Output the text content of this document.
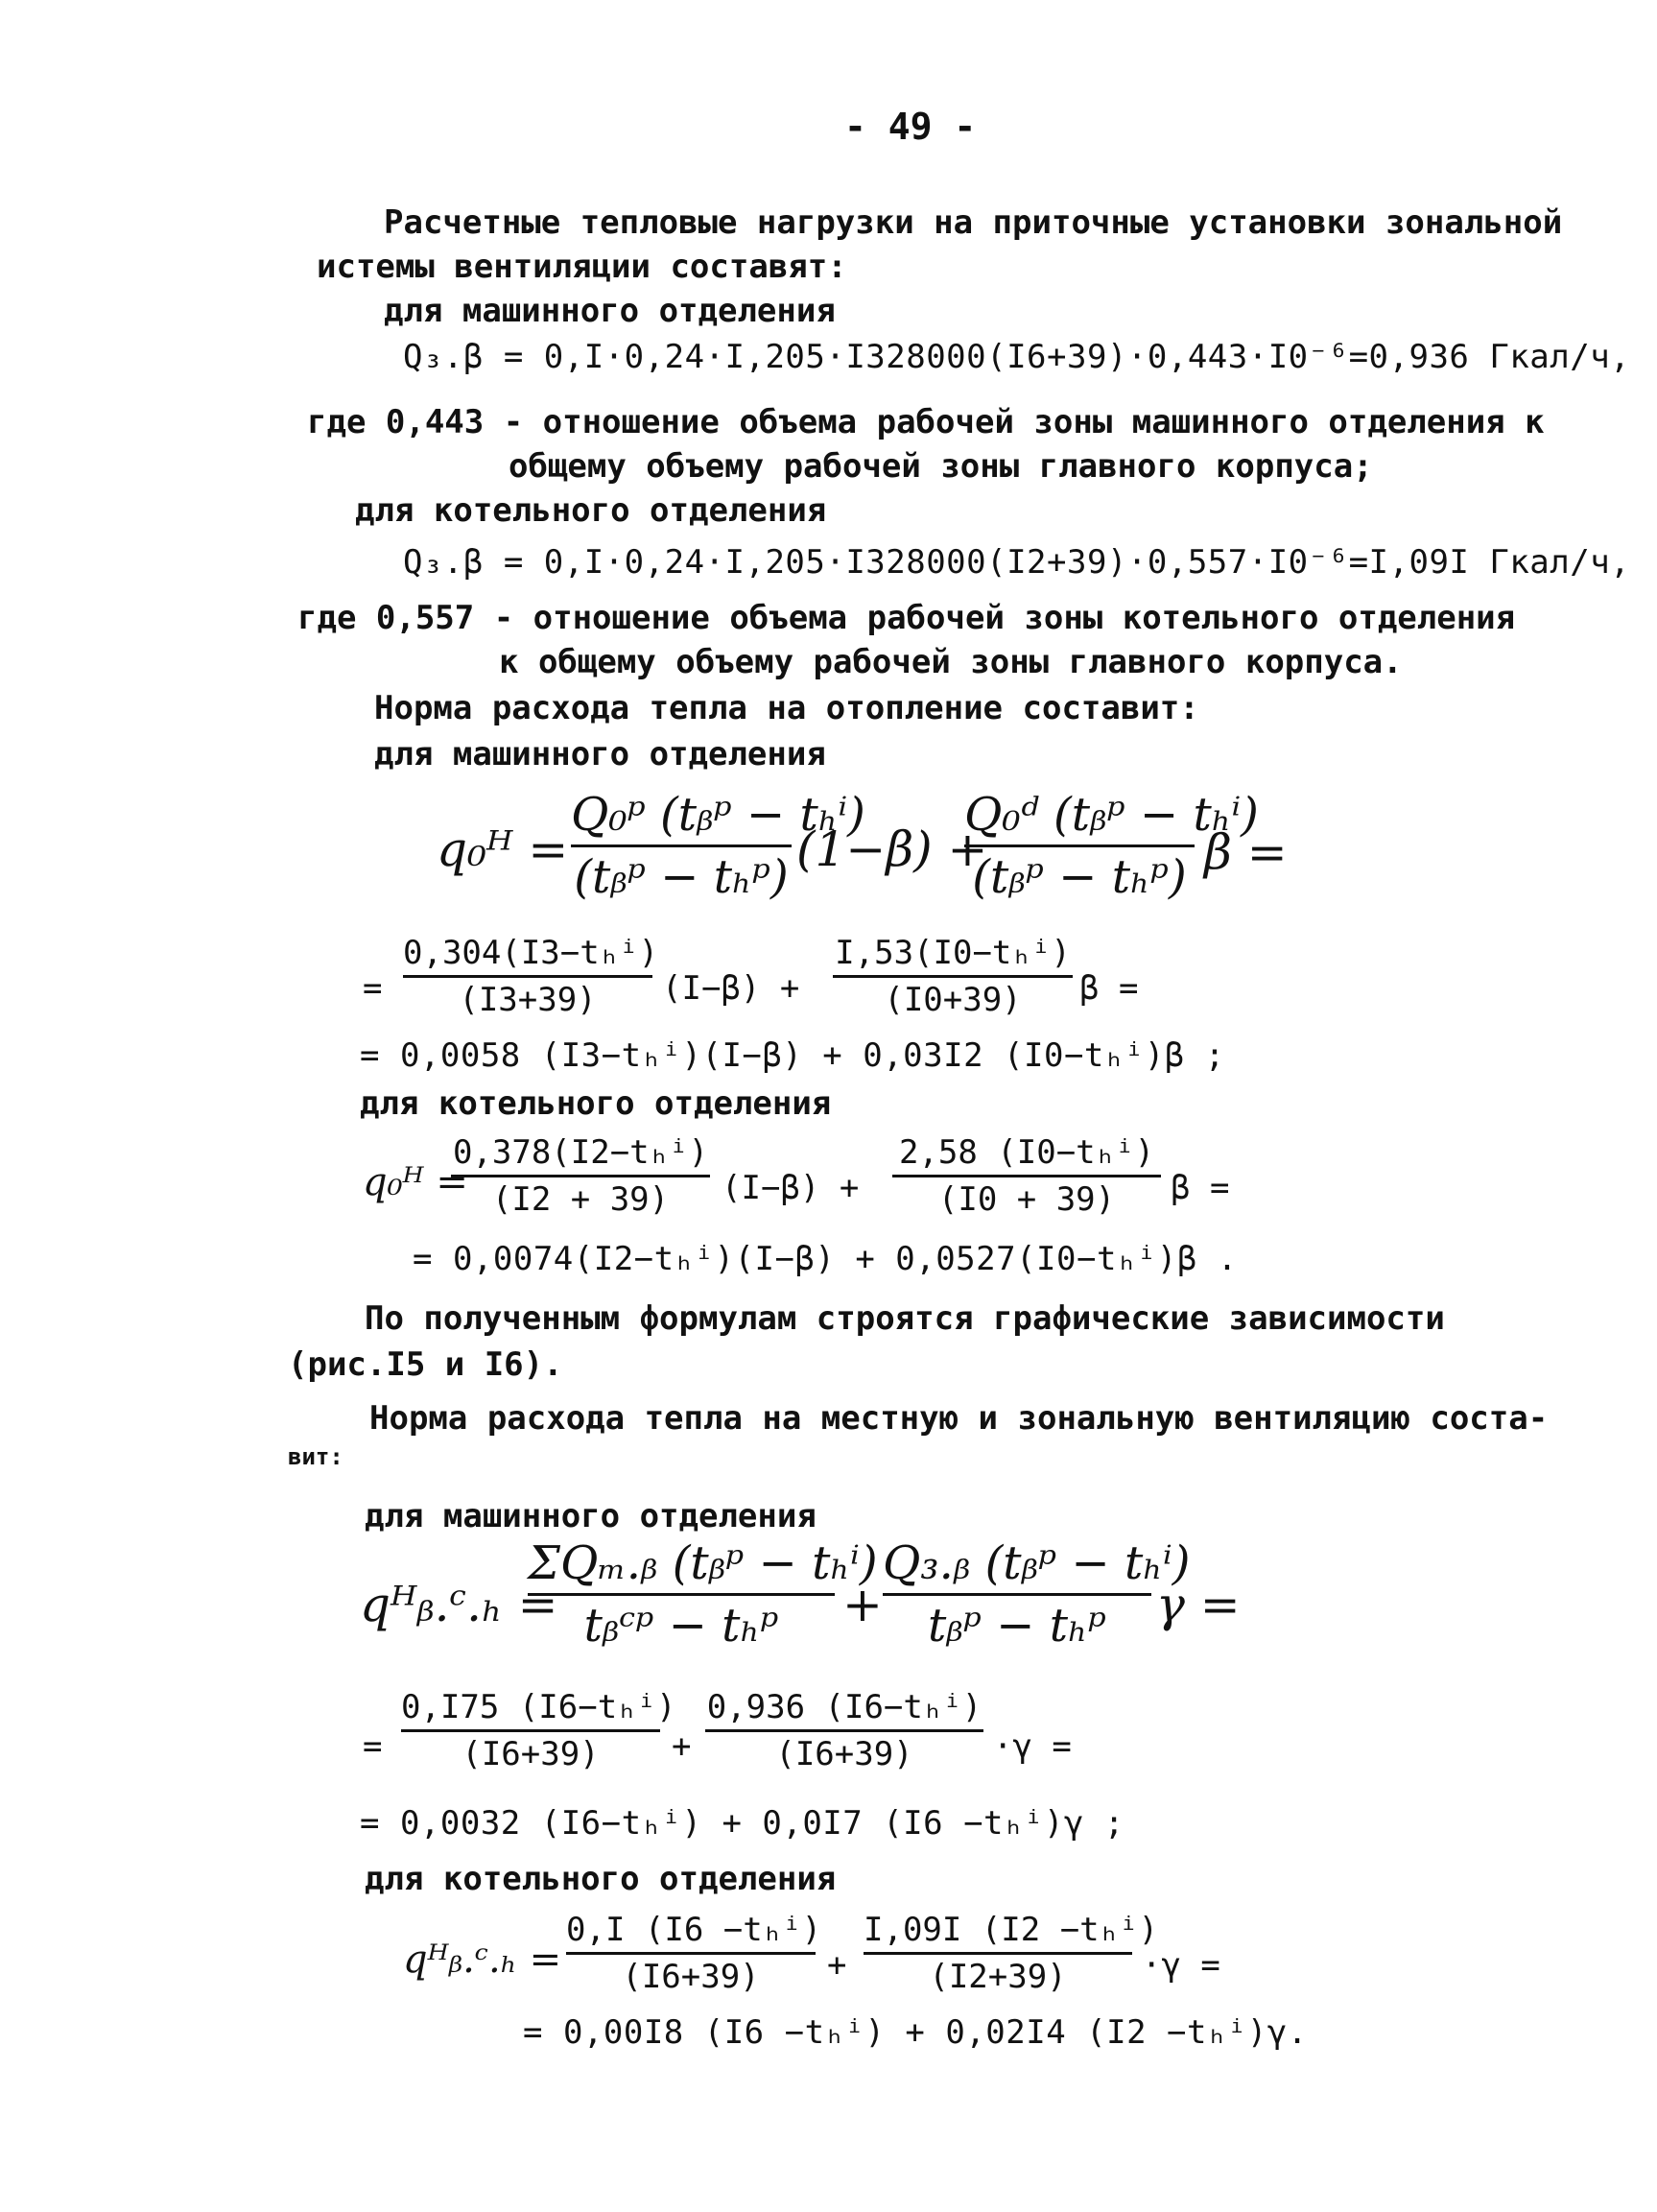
- 49 -
Расчетные тепловые нагрузки на приточные установки зональной
истемы вентиляции составят:
для машинного отделения
Q₃.β = 0,I·0,24·I,205·I328000(I6+39)·0,443·I0⁻⁶=0,936 Гкал/ч,
где 0,443 - отношение объема рабочей зоны машинного отделения к
общему объему рабочей зоны главного корпуса;
для котельного отделения
Q₃.β = 0,I·0,24·I,205·I328000(I2+39)·0,557·I0⁻⁶=I,09I Гкал/ч,
где 0,557 - отношение объема рабочей зоны котельного отделения
к общему объему рабочей зоны главного корпуса.
Норма расхода тепла на отопление составит:
для машинного отделения
q₀ᴴ =
Q₀ᵖ (tᵦᵖ − tₕⁱ)
(tᵦᵖ − tₕᵖ) (1−β) +
Q₀ᵈ (tᵦᵖ − tₕⁱ)
(tᵦᵖ − tₕᵖ) β =
=
0,304(I3−tₕⁱ)
(I3+39)	(I−β) +
I,53(I0−tₕⁱ)
(I0+39)	β =
= 0,0058 (I3−tₕⁱ)(I−β) + 0,03I2 (I0−tₕⁱ)β ;
для котельного отделения
q₀ᴴ =
0,378(I2−tₕⁱ)
(I2 + 39)	(I−β) +
2,58 (I0−tₕⁱ)
(I0 + 39)	β =
= 0,0074(I2−tₕⁱ)(I−β) + 0,0527(I0−tₕⁱ)β .
По полученным формулам строятся графические зависимости
(рис.I5 и I6).
Норма расхода тепла на местную и зональную вентиляцию соста-
вит:
для машинного отделения
qᴴᵦ.ᶜ.ₕ =
ΣQₘ.ᵦ (tᵦᵖ − tₕⁱ)
tᵦᶜᵖ − tₕᵖ	+
Q₃.ᵦ (tᵦᵖ − tₕⁱ)
tᵦᵖ − tₕᵖ	γ =
=
0,I75 (I6−tₕⁱ)
(I6+39)	+
0,936 (I6−tₕⁱ)
(I6+39)	·γ =
= 0,0032 (I6−tₕⁱ) + 0,0I7 (I6 −tₕⁱ)γ ;
для котельного отделения
qᴴᵦ.ᶜ.ₕ =
0,I (I6 −tₕⁱ)
(I6+39)	+
I,09I (I2 −tₕⁱ)
(I2+39)	·γ =
= 0,00I8 (I6 −tₕⁱ) + 0,02I4 (I2 −tₕⁱ)γ.
